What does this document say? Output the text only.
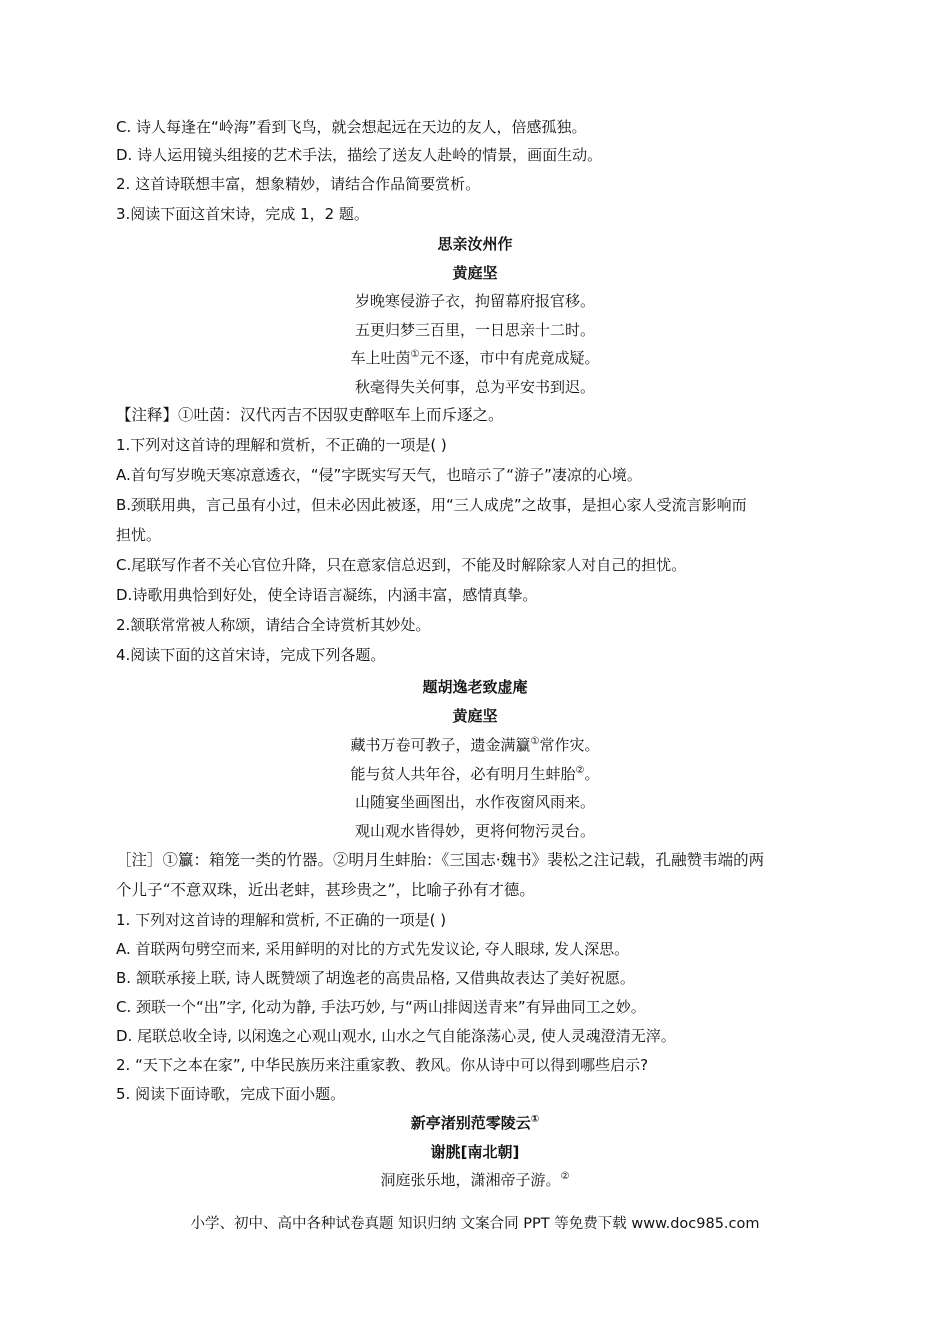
C. 诗人每逢在“岭海”看到飞鸟，就会想起远在天边的友人，倍感孤独。
D. 诗人运用镜头组接的艺术手法，描绘了送友人赴岭的情景，画面生动。
2. 这首诗联想丰富，想象精妙，请结合作品简要赏析。
3.阅读下面这首宋诗，完成 1，2 题。
思亲汝州作
黄庭坚
岁晚寒侵游子衣，拘留幕府报官移。
五更归梦三百里，一日思亲十二时。
车上吐茵①元不逐，市中有虎竟成疑。
秋毫得失关何事，总为平安书到迟。
【注释】①吐茵：汉代丙吉不因驭吏醉呕车上而斥逐之。
1.下列对这首诗的理解和赏析，不正确的一项是( )
A.首句写岁晚天寒凉意透衣，“侵”字既实写天气，也暗示了“游子”凄凉的心境。
B.颈联用典，言己虽有小过，但未必因此被逐，用“三人成虎”之故事，是担心家人受流言影响而
担忧。
C.尾联写作者不关心官位升降，只在意家信总迟到，不能及时解除家人对自己的担忧。
D.诗歌用典恰到好处，使全诗语言凝练，内涵丰富，感情真挚。
2.颔联常常被人称颂，请结合全诗赏析其妙处。
4.阅读下面的这首宋诗，完成下列各题。
题胡逸老致虚庵
黄庭坚
藏书万卷可教子，遗金满籯①常作灾。
能与贫人共年谷，必有明月生蚌胎②。
山随宴坐画图出，水作夜窗风雨来。
观山观水皆得妙，更将何物污灵台。
［注］①籯：箱笼一类的竹器。②明月生蚌胎：《三国志·魏书》裴松之注记载，孔融赞韦端的两
个儿子“不意双珠，近出老蚌，甚珍贵之”，比喻子孙有才德。
1. 下列对这首诗的理解和赏析, 不正确的一项是( )
A. 首联两句劈空而来, 采用鲜明的对比的方式先发议论, 夺人眼球, 发人深思。
B. 颔联承接上联, 诗人既赞颂了胡逸老的高贵品格, 又借典故表达了美好祝愿。
C. 颈联一个“出”字, 化动为静, 手法巧妙, 与“两山排闼送青来”有异曲同工之妙。
D. 尾联总收全诗, 以闲逸之心观山观水, 山水之气自能涤荡心灵, 使人灵魂澄清无滓。
2. “天下之本在家”, 中华民族历来注重家教、教风。你从诗中可以得到哪些启示?
5. 阅读下面诗歌，完成下面小题。
新亭渚别范零陵云①
谢朓[南北朝]
洞庭张乐地，潇湘帝子游。②
小学、初中、高中各种试卷真题 知识归纳 文案合同 PPT 等免费下载 www.doc985.com
